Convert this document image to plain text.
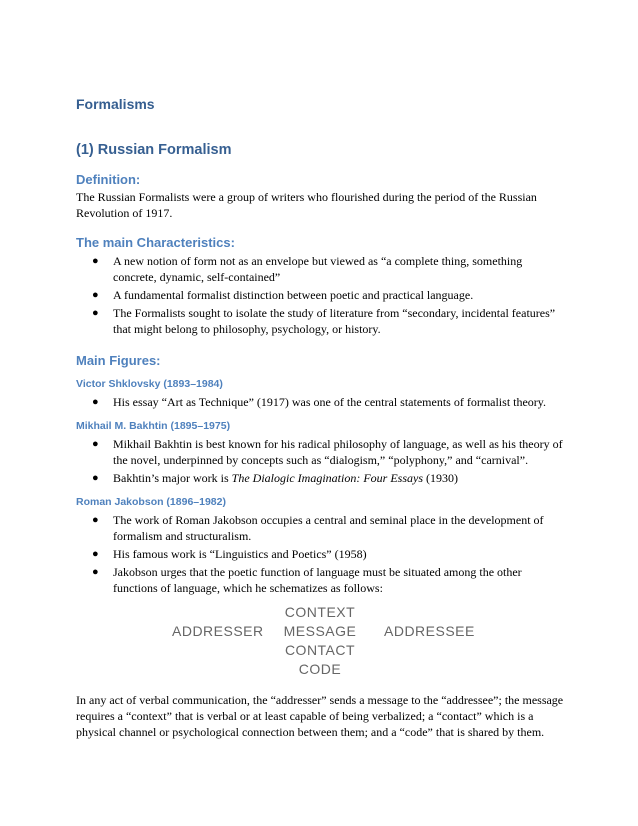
Formalisms
(1) Russian Formalism
Definition:

The Russian Formalists were a group of writers who flourished during the period of the Russian Revolution of 1917.

The main Characteristics:
● A new notion of form not as an envelope but viewed as “a complete thing, something concrete, dynamic, self-contained”
● A fundamental formalist distinction between poetic and practical language.
● The Formalists sought to isolate the study of literature from “secondary, incidental features” that might belong to philosophy, psychology, or history.
Main Figures:
Victor Shklovsky (1893–1984)
● His essay “Art as Technique” (1917) was one of the central statements of formalist theory.
Mikhail M. Bakhtin (1895–1975)
● Mikhail Bakhtin is best known for his radical philosophy of language, as well as his theory of the novel, underpinned by concepts such as “dialogism,” “polyphony,” and “carnival”.
● Bakhtin’s major work is The Dialogic Imagination: Four Essays (1930)
Roman Jakobson (1896–1982)
● The work of Roman Jakobson occupies a central and seminal place in the development of formalism and structuralism.
● His famous work is “Linguistics and Poetics” (1958)
● Jakobson urges that the poetic function of language must be situated among the other functions of language, which he schematizes as follows:
CONTEXT
ADDRESSER	MESSAGE	ADDRESSEE
CONTACT
CODE

In any act of verbal communication, the “addresser” sends a message to the “addressee”; the message requires a “context” that is verbal or at least capable of being verbalized; a “contact” which is a physical channel or psychological connection between them; and a “code” that is shared by them.
